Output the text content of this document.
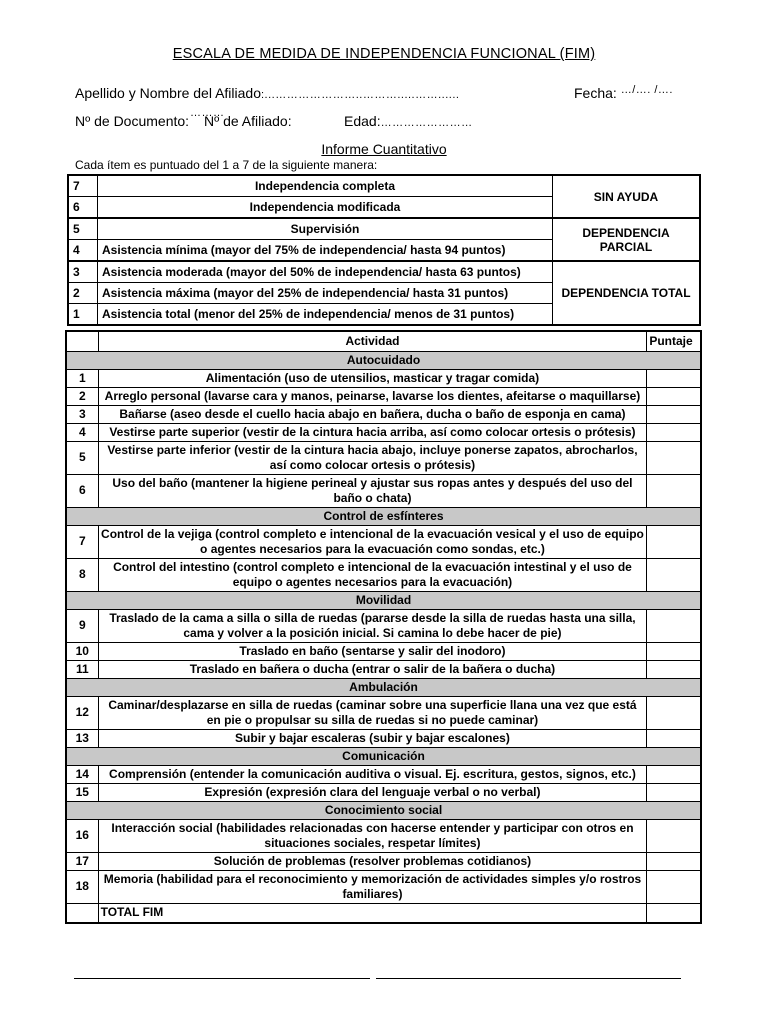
ESCALA DE MEDIDA DE INDEPENDENCIA FUNCIONAL (FIM)
Apellido y Nombre del Afiliado:...…………………..……….....……......	Fecha: …/…. /….
Nº de Documento: ………
Nº de Afiliado:	Edad:……………………
Informe Cuantitativo
Cada ítem es puntuado del 1 a 7 de la siguiente manera:
7	Independencia completa	SIN AYUDA
6	Independencia modificada	
5	Supervisión	DEPENDENCIA PARCIAL
4	Asistencia mínima (mayor del 75% de independencia/ hasta 94 puntos)	
3	Asistencia moderada (mayor del 50% de independencia/ hasta 63 puntos)	DEPENDENCIA TOTAL
2	Asistencia máxima (mayor del 25% de independencia/ hasta 31 puntos)	
1	Asistencia total (menor del 25% de independencia/ menos de 31 puntos)	
	Actividad	Puntaje
Autocuidado		
1	Alimentación (uso de utensilios, masticar y tragar comida)	
2	Arreglo personal (lavarse cara y manos, peinarse, lavarse los dientes, afeitarse o maquillarse)	
3	Bañarse (aseo desde el cuello hacia abajo en bañera, ducha o baño de esponja en cama)	
4	Vestirse parte superior (vestir de la cintura hacia arriba, así como colocar ortesis o prótesis)	
5	Vestirse parte inferior (vestir de la cintura hacia abajo, incluye ponerse zapatos, abrocharlos, así como colocar ortesis o prótesis)	
6	Uso del baño (mantener la higiene perineal y ajustar sus ropas antes y después del uso del baño o chata)	
Control de esfínteres		
7	Control de la vejiga (control completo e intencional de la evacuación vesical y el uso de equipo o agentes necesarios para la evacuación como sondas, etc.)	
8	Control del intestino (control completo e intencional de la evacuación intestinal y el uso de equipo o agentes necesarios para la evacuación)	
Movilidad		
9	Traslado de la cama a silla o silla de ruedas (pararse desde la silla de ruedas hasta una silla, cama y volver a la posición inicial. Si camina lo debe hacer de pie)	
10	Traslado en baño (sentarse y salir del inodoro)	
11	Traslado en bañera o ducha (entrar o salir de la bañera o ducha)	
Ambulación		
12	Caminar/desplazarse en silla de ruedas (caminar sobre una superficie llana una vez que está en pie o propulsar su silla de ruedas si no puede caminar)	
13	Subir y bajar escaleras (subir y bajar escalones)	
Comunicación		
14	Comprensión (entender la comunicación auditiva o visual. Ej. escritura, gestos, signos, etc.)	
15	Expresión (expresión clara del lenguaje verbal o no verbal)	
Conocimiento social		
16	Interacción social (habilidades relacionadas con hacerse entender y participar con otros en situaciones sociales, respetar límites)	
17	Solución de problemas (resolver problemas cotidianos)	
18	Memoria (habilidad para el reconocimiento y memorización de actividades simples y/o rostros familiares)	
	TOTAL FIM	
